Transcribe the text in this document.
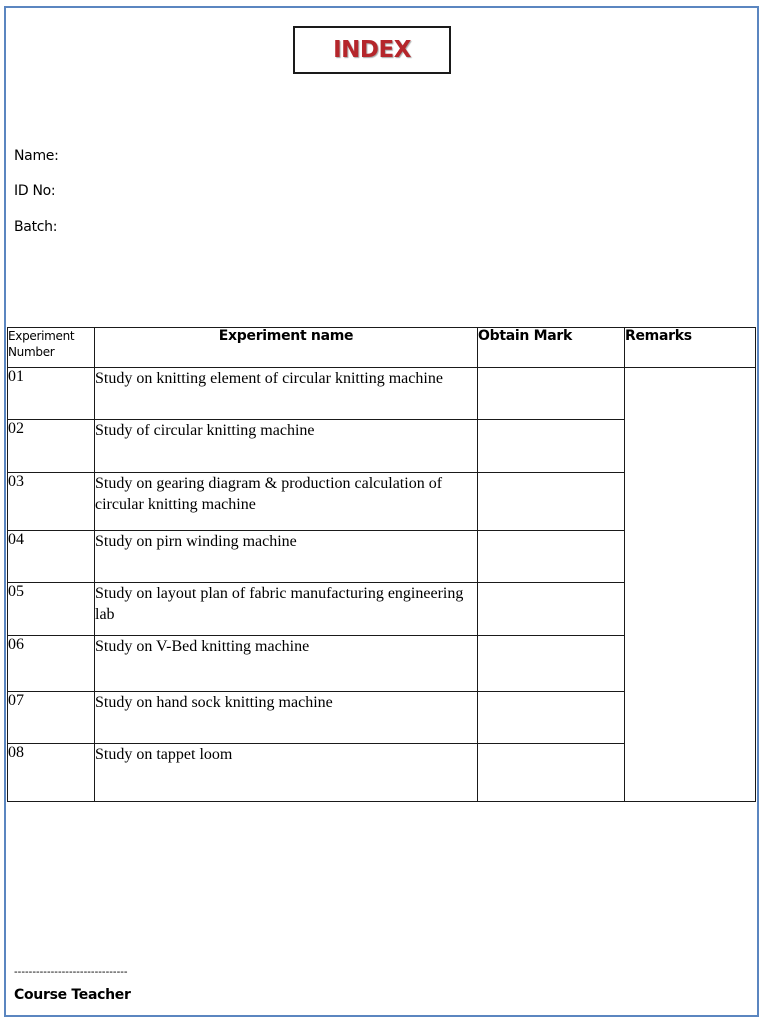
INDEX
Name:
ID No:
Batch:
Experiment Number	Experiment name	Obtain Mark	Remarks
01	Study on knitting element of circular knitting machine		
02	Study of circular knitting machine		
03	Study on gearing diagram & production calculation of circular knitting machine		
04	Study on pirn winding machine		
05	Study on layout plan of fabric manufacturing engineering lab		
06	Study on V-Bed knitting machine		
07	Study on hand sock knitting machine		
08	Study on tappet loom		
-------------------------------
Course Teacher
